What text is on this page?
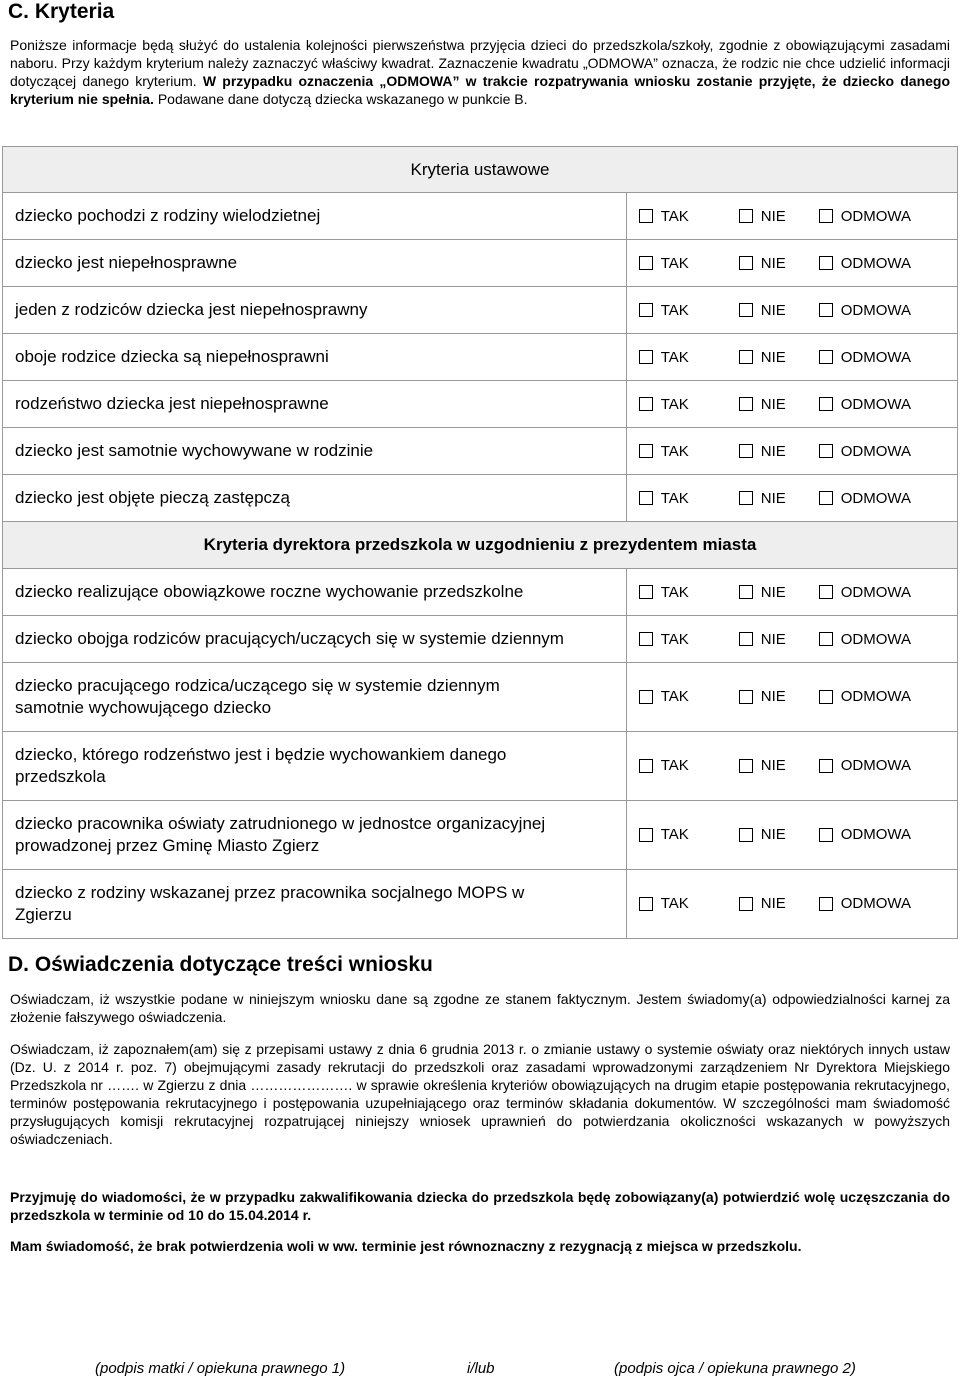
C. Kryteria

Poniższe informacje będą służyć do ustalenia kolejności pierwszeństwa przyjęcia dzieci do przedszkola/szkoły, zgodnie z obowiązującymi zasadami naboru. Przy każdym kryterium należy zaznaczyć właściwy kwadrat. Zaznaczenie kwadratu „ODMOWA” oznacza, że rodzic nie chce udzielić informacji dotyczącej danego kryterium. W przypadku oznaczenia „ODMOWA” w trakcie rozpatrywania wniosku zostanie przyjęte, że dziecko danego kryterium nie spełnia. Podawane dane dotyczą dziecka wskazanego w punkcie B.

Kryteria ustawowe	
dziecko pochodzi z rodziny wielodzietnej	TAK NIE ODMOWA

dziecko jest niepełnosprawne	TAK NIE ODMOWA

jeden z rodziców dziecka jest niepełnosprawny	TAK NIE ODMOWA

oboje rodzice dziecka są niepełnosprawni	TAK NIE ODMOWA

rodzeństwo dziecka jest niepełnosprawne	TAK NIE ODMOWA

dziecko jest samotnie wychowywane w rodzinie	TAK NIE ODMOWA

dziecko jest objęte pieczą zastępczą	TAK NIE ODMOWA

Kryteria dyrektora przedszkola w uzgodnieniu z prezydentem miasta	
dziecko realizujące obowiązkowe roczne wychowanie przedszkolne	TAK NIE ODMOWA

dziecko obojga rodziców pracujących/uczących się w systemie dziennym	TAK NIE ODMOWA

dziecko pracującego rodzica/uczącego się w systemie dziennym
samotnie wychowującego dziecko	TAK NIE ODMOWA

dziecko, którego rodzeństwo jest i będzie wychowankiem danego
przedszkola	TAK NIE ODMOWA

dziecko pracownika oświaty zatrudnionego w jednostce organizacyjnej
prowadzonej przez Gminę Miasto Zgierz	TAK NIE ODMOWA

dziecko z rodziny wskazanej przez pracownika socjalnego MOPS w
Zgierzu	TAK NIE ODMOWA
D. Oświadczenia dotyczące treści wniosku

Oświadczam, iż wszystkie podane w niniejszym wniosku dane są zgodne ze stanem faktycznym. Jestem świadomy(a) odpowiedzialności karnej za złożenie fałszywego oświadczenia.

Oświadczam, iż zapoznałem(am) się z przepisami ustawy z dnia 6 grudnia 2013 r. o zmianie ustawy o systemie oświaty oraz niektórych innych ustaw (Dz. U. z 2014 r. poz. 7) obejmującymi zasady rekrutacji do przedszkoli oraz zasadami wprowadzonymi zarządzeniem Nr Dyrektora Miejskiego Przedszkola nr ……. w Zgierzu z dnia …………………. w sprawie określenia kryteriów obowiązujących na drugim etapie postępowania rekrutacyjnego, terminów postępowania rekrutacyjnego i postępowania uzupełniającego oraz terminów składania dokumentów. W szczególności mam świadomość przysługujących komisji rekrutacyjnej rozpatrującej niniejszy wniosek uprawnień do potwierdzania okoliczności wskazanych w powyższych oświadczeniach.

Przyjmuję do wiadomości, że w przypadku zakwalifikowania dziecka do przedszkola będę zobowiązany(a) potwierdzić wolę uczęszczania do przedszkola w terminie od 10 do 15.04.2014 r.

Mam świadomość, że brak potwierdzenia woli w ww. terminie jest równoznaczny z rezygnacją z miejsca w przedszkolu.

(podpis matki / opiekuna prawnego 1)	i/lub	(podpis ojca / opiekuna prawnego 2)
